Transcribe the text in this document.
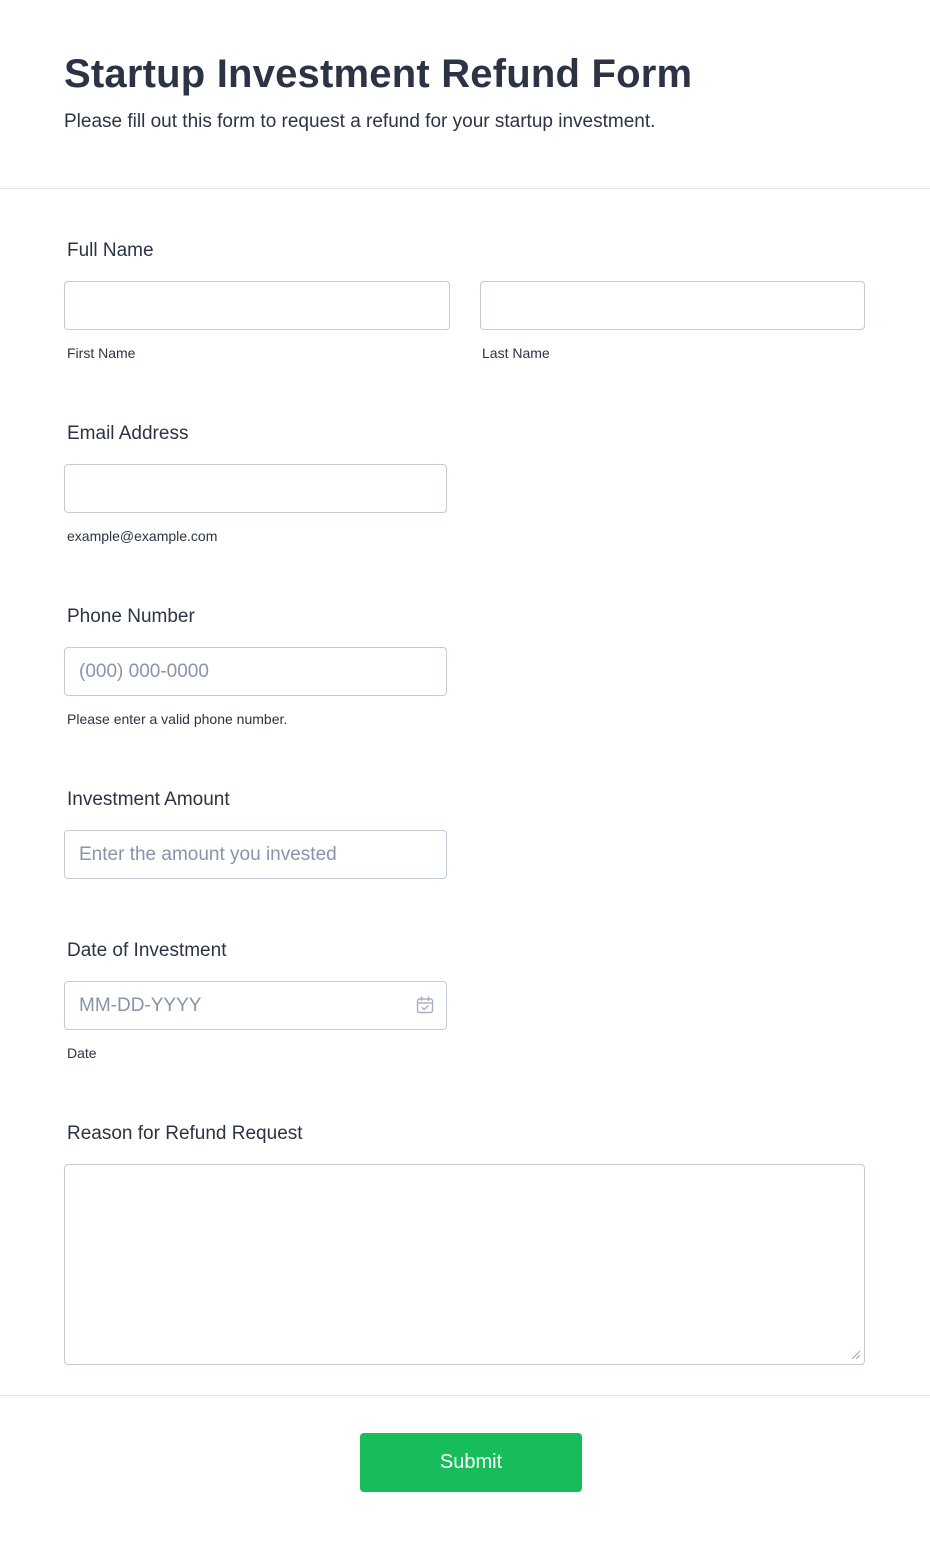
Startup Investment Refund Form

Please fill out this form to request a refund for your startup investment.

Full Name
First Name	Last Name
Email Address
example@example.com
Phone Number
(000) 000-0000
Please enter a valid phone number.
Investment Amount
Enter the amount you invested
Date of Investment
MM-DD-YYYY
Date
Reason for Refund Request
Submit
